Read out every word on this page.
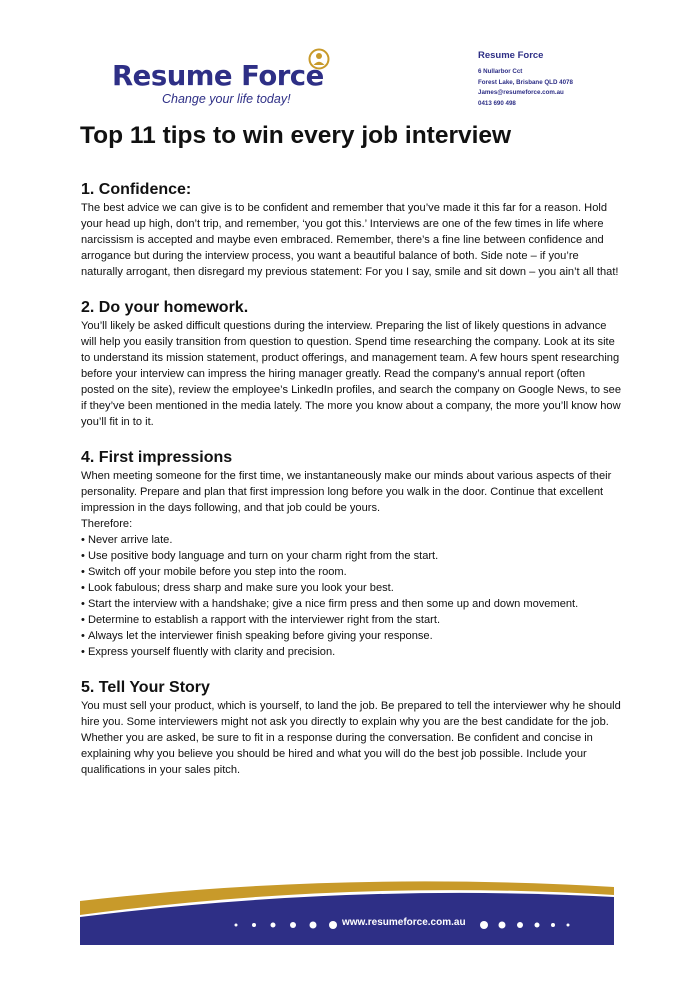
Resume Force
Change your life today!
Resume Force
6 Nullarbor Cct
Forest Lake, Brisbane QLD 4078
James@resumeforce.com.au
0413 690 498
Top 11 tips to win every job interview
1. Confidence:

The best advice we can give is to be confident and remember that you’ve made it this far for a reason. Hold your head up high, don’t trip, and remember, ‘you got this.’ Interviews are one of the few times in life where narcissism is accepted and maybe even embraced. Remember, there’s a fine line between confidence and arrogance but during the interview process, you want a beautiful balance of both. Side note – if you’re naturally arrogant, then disregard my previous statement: For you I say, smile and sit down – you ain’t all that!

2. Do your homework.

You’ll likely be asked difficult questions during the interview. Preparing the list of likely questions in advance will help you easily transition from question to question. Spend time researching the company. Look at its site to understand its mission statement, product offerings, and management team. A few hours spent researching before your interview can impress the hiring manager greatly. Read the company’s annual report (often posted on the site), review the employee’s LinkedIn profiles, and search the company on Google News, to see if they’ve been mentioned in the media lately. The more you know about a company, the more you’ll know how you’ll fit in to it.

4. First impressions

When meeting someone for the first time, we instantaneously make our minds about various aspects of their personality. Prepare and plan that first impression long before you walk in the door. Continue that excellent impression in the days following, and that job could be yours.

Therefore:

• Never arrive late.
• Use positive body language and turn on your charm right from the start.
• Switch off your mobile before you step into the room.
• Look fabulous; dress sharp and make sure you look your best.
• Start the interview with a handshake; give a nice firm press and then some up and down movement.
• Determine to establish a rapport with the interviewer right from the start.
• Always let the interviewer finish speaking before giving your response.
• Express yourself fluently with clarity and precision.
5. Tell Your Story

You must sell your product, which is yourself, to land the job. Be prepared to tell the interviewer why he should hire you. Some interviewers might not ask you directly to explain why you are the best candidate for the job. Whether you are asked, be sure to fit in a response during the conversation. Be confident and concise in explaining why you believe you should be hired and what you will do the best job possible. Include your qualifications in your sales pitch.

www.resumeforce.com.au
